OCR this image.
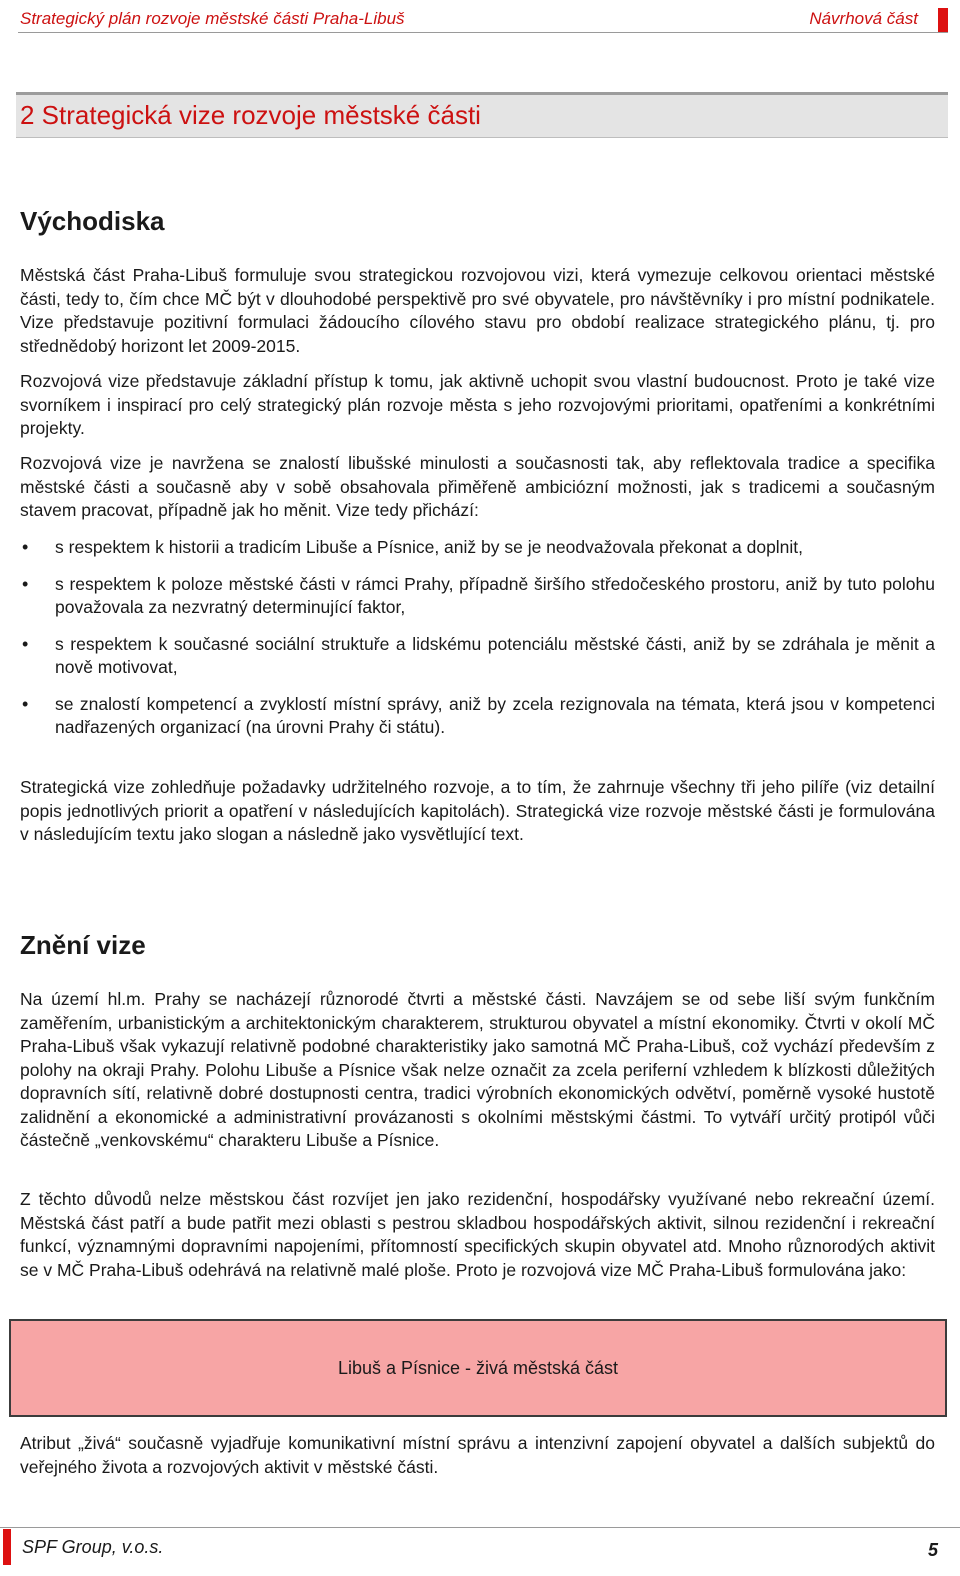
Strategický plán rozvoje městské části Praha-Libuš	Návrhová část
2 Strategická vize rozvoje městské části
Východiska

Městská část Praha-Libuš formuluje svou strategickou rozvojovou vizi, která vymezuje celkovou orientaci městské části, tedy to, čím chce MČ být v dlouhodobé perspektivě pro své obyvatele, pro návštěvníky i pro místní podnikatele. Vize představuje pozitivní formulaci žádoucího cílového stavu pro období realizace strategického plánu, tj. pro střednědobý horizont let 2009-2015.

Rozvojová vize představuje základní přístup k tomu, jak aktivně uchopit svou vlastní budoucnost. Proto je také vize svorníkem i inspirací pro celý strategický plán rozvoje města s jeho rozvojovými prioritami, opatřeními a konkrétními projekty.

Rozvojová vize je navržena se znalostí libušské minulosti a současnosti tak, aby reflektovala tradice a specifika městské části a současně aby v sobě obsahovala přiměřeně ambiciózní možnosti, jak s tradicemi a současným stavem pracovat, případně jak ho měnit. Vize tedy přichází:

• s respektem k historii a tradicím Libuše a Písnice, aniž by se je neodvažovala překonat a doplnit,
• s respektem k poloze městské části v rámci Prahy, případně širšího středočeského prostoru, aniž by tuto polohu považovala za nezvratný determinující faktor,
• s respektem k současné sociální struktuře a lidskému potenciálu městské části, aniž by se zdráhala je měnit a nově motivovat,
• se znalostí kompetencí a zvyklostí místní správy, aniž by zcela rezignovala na témata, která jsou v kompetenci nadřazených organizací (na úrovni Prahy či státu).

Strategická vize zohledňuje požadavky udržitelného rozvoje, a to tím, že zahrnuje všechny tři jeho pilíře (viz detailní popis jednotlivých priorit a opatření v následujících kapitolách). Strategická vize rozvoje městské části je formulována v následujícím textu jako slogan a následně jako vysvětlující text.

Znění vize

Na území hl.m. Prahy se nacházejí různorodé čtvrti a městské části. Navzájem se od sebe liší svým funkčním zaměřením, urbanistickým a architektonickým charakterem, strukturou obyvatel a místní ekonomiky. Čtvrti v okolí MČ Praha-Libuš však vykazují relativně podobné charakteristiky jako samotná MČ Praha-Libuš, což vychází především z polohy na okraji Prahy. Polohu Libuše a Písnice však nelze označit za zcela periferní vzhledem k blízkosti důležitých dopravních sítí, relativně dobré dostupnosti centra, tradici výrobních ekonomických odvětví, poměrně vysoké hustotě zalidnění a ekonomické a administrativní provázanosti s okolními městskými částmi. To vytváří určitý protipól vůči částečně „venkovskému“ charakteru Libuše a Písnice.

Z těchto důvodů nelze městskou část rozvíjet jen jako rezidenční, hospodářsky využívané nebo rekreační území. Městská část patří a bude patřit mezi oblasti s pestrou skladbou hospodářských aktivit, silnou rezidenční i rekreační funkcí, významnými dopravními napojeními, přítomností specifických skupin obyvatel atd. Mnoho různorodých aktivit se v MČ Praha-Libuš odehrává na relativně malé ploše. Proto je rozvojová vize MČ Praha-Libuš formulována jako:

Libuš a Písnice - živá městská část

Atribut „živá“ současně vyjadřuje komunikativní místní správu a intenzivní zapojení obyvatel a dalších subjektů do veřejného života a rozvojových aktivit v městské části.

SPF Group, v.o.s.	5
